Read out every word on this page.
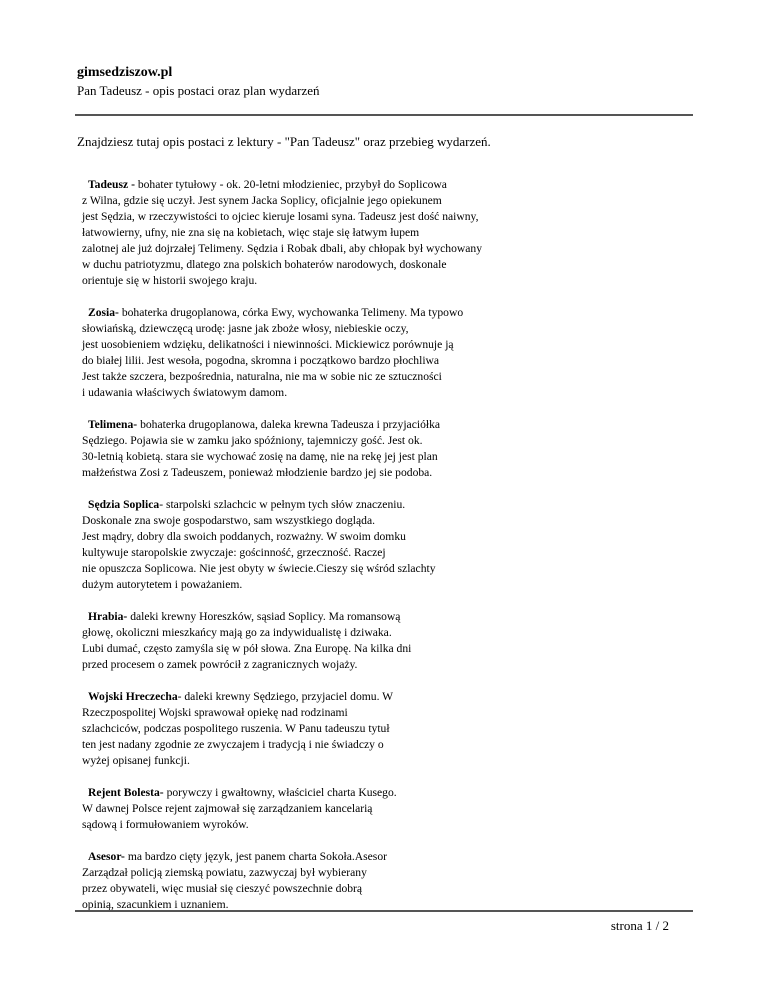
gimsedziszow.pl
Pan Tadeusz - opis postaci oraz plan wydarzeń
Znajdziesz tutaj opis postaci z lektury - "Pan Tadeusz" oraz przebieg wydarzeń.
Tadeusz - bohater tytułowy - ok. 20-letni młodzieniec, przybył do Soplicowa
z Wilna, gdzie się uczył. Jest synem Jacka Soplicy, oficjalnie jego opiekunem
jest Sędzia, w rzeczywistości to ojciec kieruje losami syna. Tadeusz jest dość naiwny,
łatwowierny, ufny, nie zna się na kobietach, więc staje się łatwym łupem
zalotnej ale już dojrzałej Telimeny. Sędzia i Robak dbali, aby chłopak był wychowany
w duchu patriotyzmu, dlatego zna polskich bohaterów narodowych, doskonale
orientuje się w historii swojego kraju.
Zosia- bohaterka drugoplanowa, córka Ewy, wychowanka Telimeny. Ma typowo
słowiańską, dziewczęcą urodę: jasne jak zboże włosy, niebieskie oczy,
jest uosobieniem wdzięku, delikatności i niewinności. Mickiewicz porównuje ją
do białej lilii. Jest wesoła, pogodna, skromna i początkowo bardzo płochliwa
Jest także szczera, bezpośrednia, naturalna, nie ma w sobie nic ze sztuczności
i udawania właściwych światowym damom.
Telimena- bohaterka drugoplanowa, daleka krewna Tadeusza i przyjaciółka
Sędziego. Pojawia sie w zamku jako spóźniony, tajemniczy gość. Jest ok.
30-letnią kobietą. stara sie wychować zosię na damę, nie na rekę jej jest plan
małżeństwa Zosi z Tadeuszem, ponieważ młodzienie bardzo jej sie podoba.
Sędzia Soplica- starpolski szlachcic w pełnym tych słów znaczeniu.
Doskonale zna swoje gospodarstwo, sam wszystkiego dogląda.
Jest mądry, dobry dla swoich poddanych, rozważny. W swoim domku
kultywuje staropolskie zwyczaje: gościnność, grzeczność. Raczej
nie opuszcza Soplicowa. Nie jest obyty w świecie.Cieszy się wśród szlachty
dużym autorytetem i poważaniem.
Hrabia- daleki krewny Horeszków, sąsiad Soplicy. Ma romansową
głowę, okoliczni mieszkańcy mają go za indywidualistę i dziwaka.
Lubi dumać, często zamyśla się w pół słowa. Zna Europę. Na kilka dni
przed procesem o zamek powrócił z zagranicznych wojaży.
Wojski Hreczecha- daleki krewny Sędziego, przyjaciel domu. W
Rzeczpospolitej Wojski sprawował opiekę nad rodzinami
szlachciców, podczas pospolitego ruszenia. W Panu tadeuszu tytuł
ten jest nadany zgodnie ze zwyczajem i tradycją i nie świadczy o
wyżej opisanej funkcji.
Rejent Bolesta- porywczy i gwałtowny, właściciel charta Kusego.
W dawnej Polsce rejent zajmował się zarządzaniem kancelarią
sądową i formułowaniem wyroków.
Asesor- ma bardzo cięty język, jest panem charta Sokoła.Asesor
Zarządzał policją ziemską powiatu, zazwyczaj był wybierany
przez obywateli, więc musiał się cieszyć powszechnie dobrą
opinią, szacunkiem i uznaniem.
strona 1 / 2
